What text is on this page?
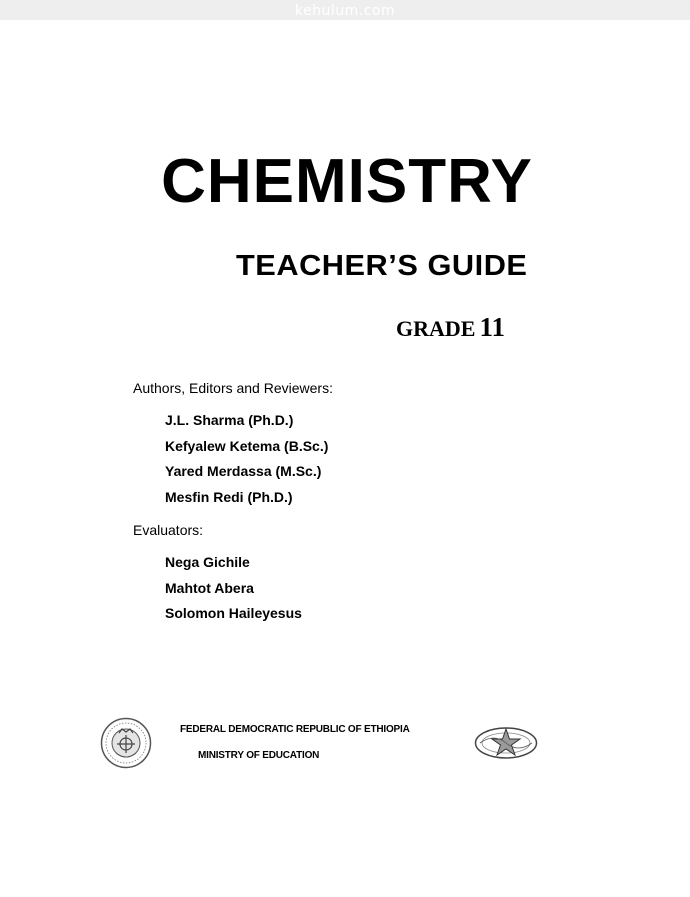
kehulum.com
CHEMISTRY
TEACHER’S GUIDE
GRADE 11
Authors, Editors and Reviewers:
J.L. Sharma (Ph.D.)
Kefyalew Ketema (B.Sc.)
Yared Merdassa (M.Sc.)
Mesfin Redi (Ph.D.)
Evaluators:
Nega Gichile
Mahtot Abera
Solomon Haileyesus
FEDERAL DEMOCRATIC REPUBLIC OF ETHIOPIA
MINISTRY OF EDUCATION
